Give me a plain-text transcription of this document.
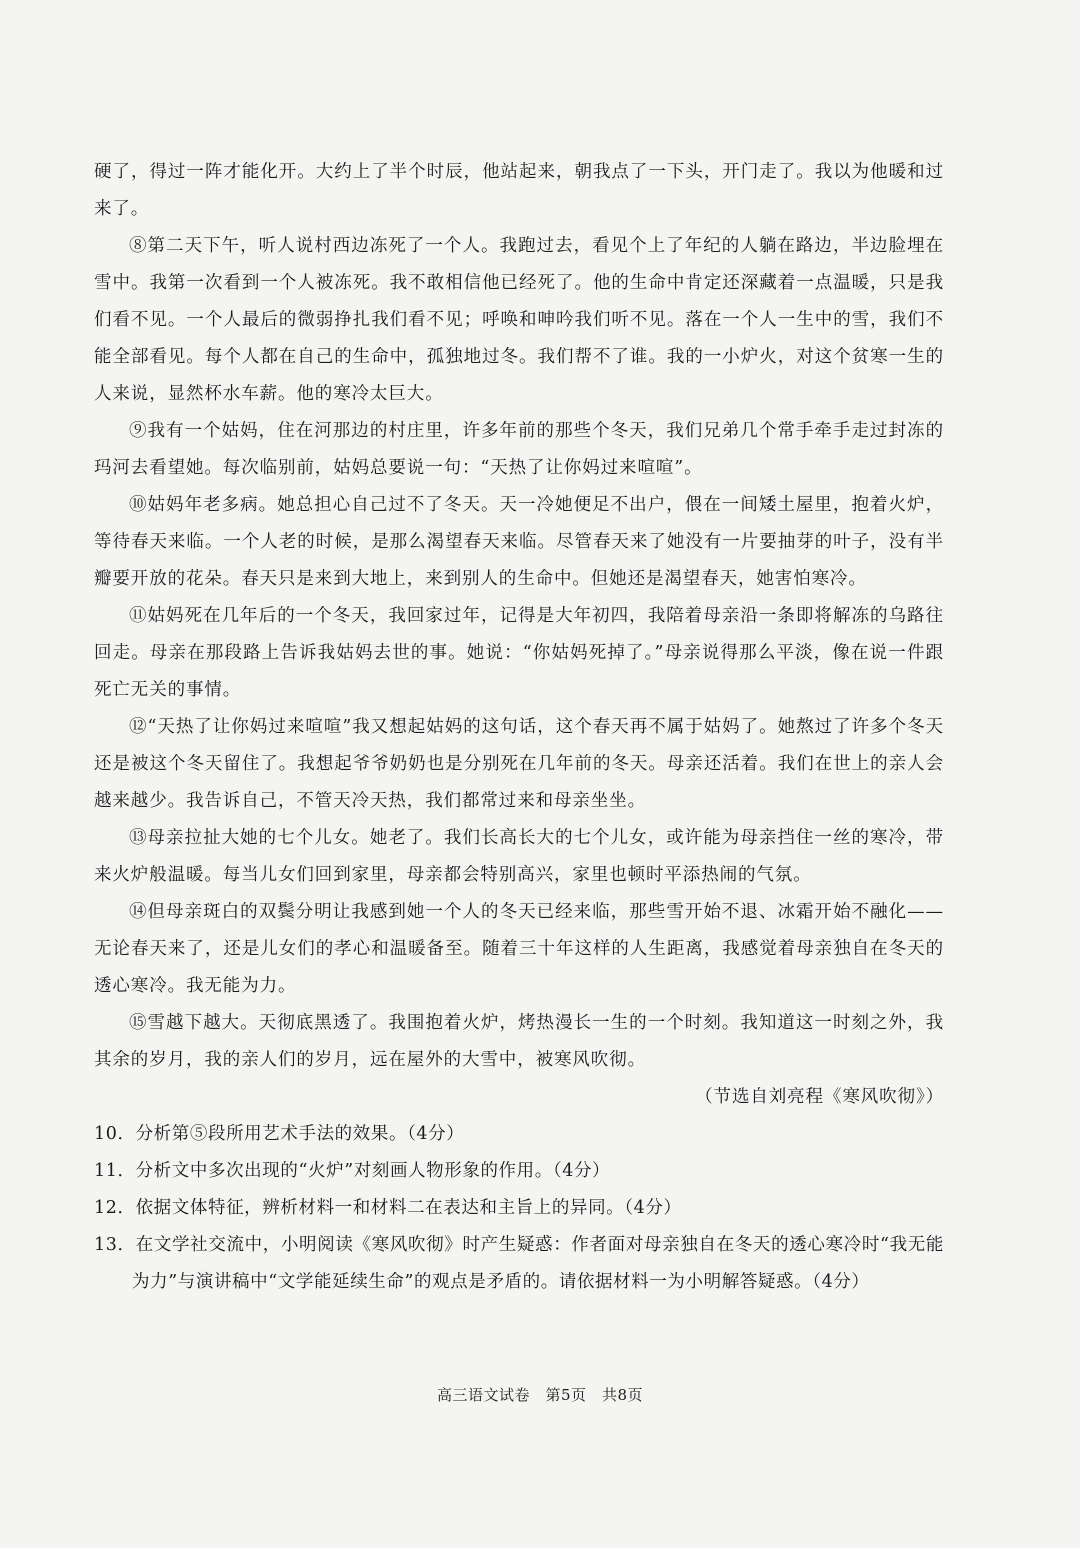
硬了，得过一阵才能化开。大约上了半个时辰，他站起来，朝我点了一下头，开门走了。我以为他暖和过来了。

⑧第二天下午，听人说村西边冻死了一个人。我跑过去，看见个上了年纪的人躺在路边，半边脸埋在雪中。我第一次看到一个人被冻死。我不敢相信他已经死了。他的生命中肯定还深藏着一点温暖，只是我们看不见。一个人最后的微弱挣扎我们看不见；呼唤和呻吟我们听不见。落在一个人一生中的雪，我们不能全部看见。每个人都在自己的生命中，孤独地过冬。我们帮不了谁。我的一小炉火，对这个贫寒一生的人来说，显然杯水车薪。他的寒冷太巨大。

⑨我有一个姑妈，住在河那边的村庄里，许多年前的那些个冬天，我们兄弟几个常手牵手走过封冻的玛河去看望她。每次临别前，姑妈总要说一句：“天热了让你妈过来喧喧”。

⑩姑妈年老多病。她总担心自己过不了冬天。天一冷她便足不出户，偎在一间矮土屋里，抱着火炉，等待春天来临。一个人老的时候，是那么渴望春天来临。尽管春天来了她没有一片要抽芽的叶子，没有半瓣要开放的花朵。春天只是来到大地上，来到别人的生命中。但她还是渴望春天，她害怕寒冷。

⑪姑妈死在几年后的一个冬天，我回家过年，记得是大年初四，我陪着母亲沿一条即将解冻的乌路往回走。母亲在那段路上告诉我姑妈去世的事。她说：“你姑妈死掉了。”母亲说得那么平淡，像在说一件跟死亡无关的事情。

⑫“天热了让你妈过来喧喧”我又想起姑妈的这句话，这个春天再不属于姑妈了。她熬过了许多个冬天还是被这个冬天留住了。我想起爷爷奶奶也是分别死在几年前的冬天。母亲还活着。我们在世上的亲人会越来越少。我告诉自己，不管天冷天热，我们都常过来和母亲坐坐。

⑬母亲拉扯大她的七个儿女。她老了。我们长高长大的七个儿女，或许能为母亲挡住一丝的寒冷，带来火炉般温暖。每当儿女们回到家里，母亲都会特别高兴，家里也顿时平添热闹的气氛。

⑭但母亲斑白的双鬓分明让我感到她一个人的冬天已经来临，那些雪开始不退、冰霜开始不融化——无论春天来了，还是儿女们的孝心和温暖备至。随着三十年这样的人生距离，我感觉着母亲独自在冬天的透心寒冷。我无能为力。

⑮雪越下越大。天彻底黑透了。我围抱着火炉，烤热漫长一生的一个时刻。我知道这一时刻之外，我其余的岁月，我的亲人们的岁月，远在屋外的大雪中，被寒风吹彻。

（节选自刘亮程《寒风吹彻》）

10．分析第⑤段所用艺术手法的效果。（4分）

11．分析文中多次出现的“火炉”对刻画人物形象的作用。（4分）

12．依据文体特征，辨析材料一和材料二在表达和主旨上的异同。（4分）

13．在文学社交流中，小明阅读《寒风吹彻》时产生疑惑：作者面对母亲独自在冬天的透心寒冷时“我无能为力”与演讲稿中“文学能延续生命”的观点是矛盾的。请依据材料一为小明解答疑惑。（4分）

高三语文试卷　第5页　共8页
